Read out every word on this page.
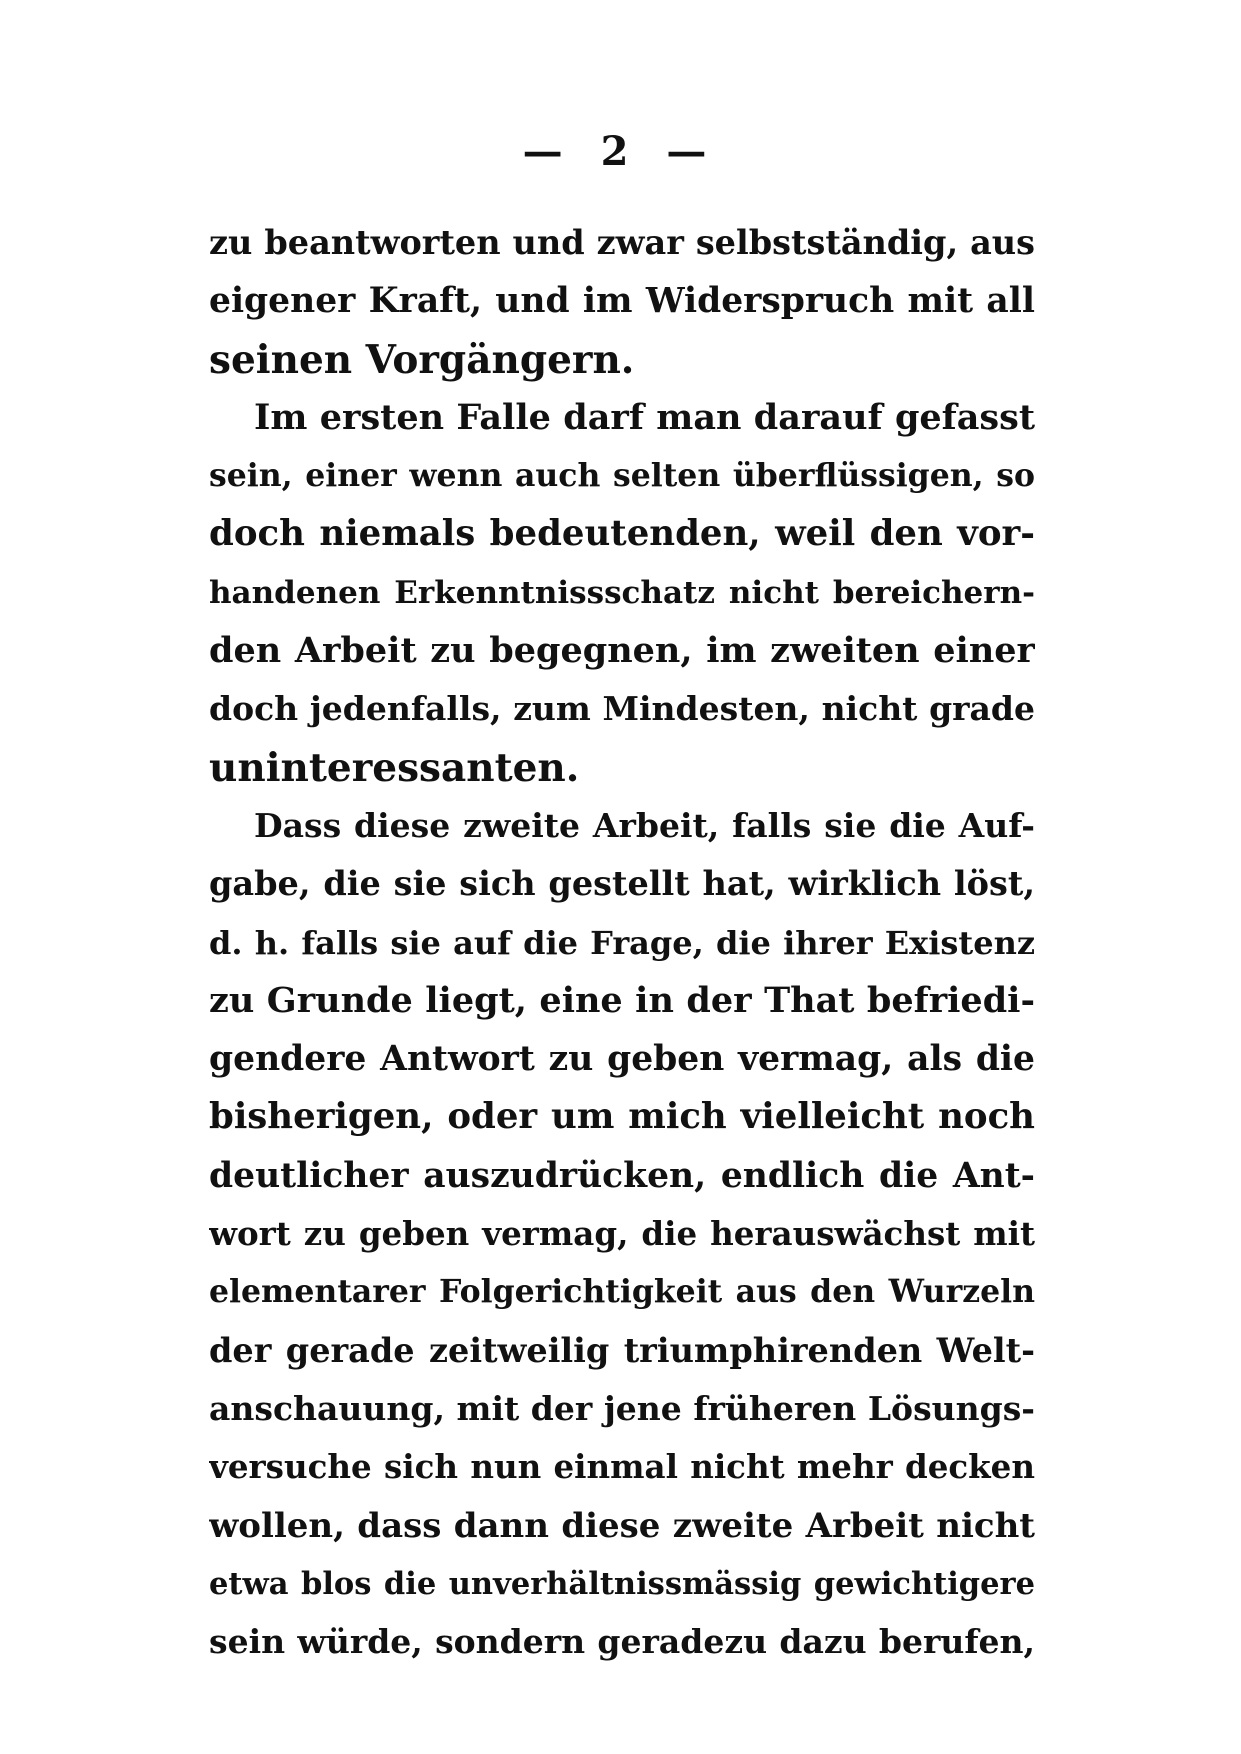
— 2 —
zu beantworten und zwar selbstständig, aus
eigener Kraft, und im Widerspruch mit all
seinen Vorgängern.
Im ersten Falle darf man darauf gefasst
sein, einer wenn auch selten überflüssigen, so
doch niemals bedeutenden, weil den vor-
handenen Erkenntnissschatz nicht bereichern-
den Arbeit zu begegnen, im zweiten einer
doch jedenfalls, zum Mindesten, nicht grade
uninteressanten.
Dass diese zweite Arbeit, falls sie die Auf-
gabe, die sie sich gestellt hat, wirklich löst,
d. h. falls sie auf die Frage, die ihrer Existenz
zu Grunde liegt, eine in der That befriedi-
gendere Antwort zu geben vermag, als die
bisherigen, oder um mich vielleicht noch
deutlicher auszudrücken, endlich die Ant-
wort zu geben vermag, die herauswächst mit
elementarer Folgerichtigkeit aus den Wurzeln
der gerade zeitweilig triumphirenden Welt-
anschauung, mit der jene früheren Lösungs-
versuche sich nun einmal nicht mehr decken
wollen, dass dann diese zweite Arbeit nicht
etwa blos die unverhältnissmässig gewichtigere
sein würde, sondern geradezu dazu berufen,
